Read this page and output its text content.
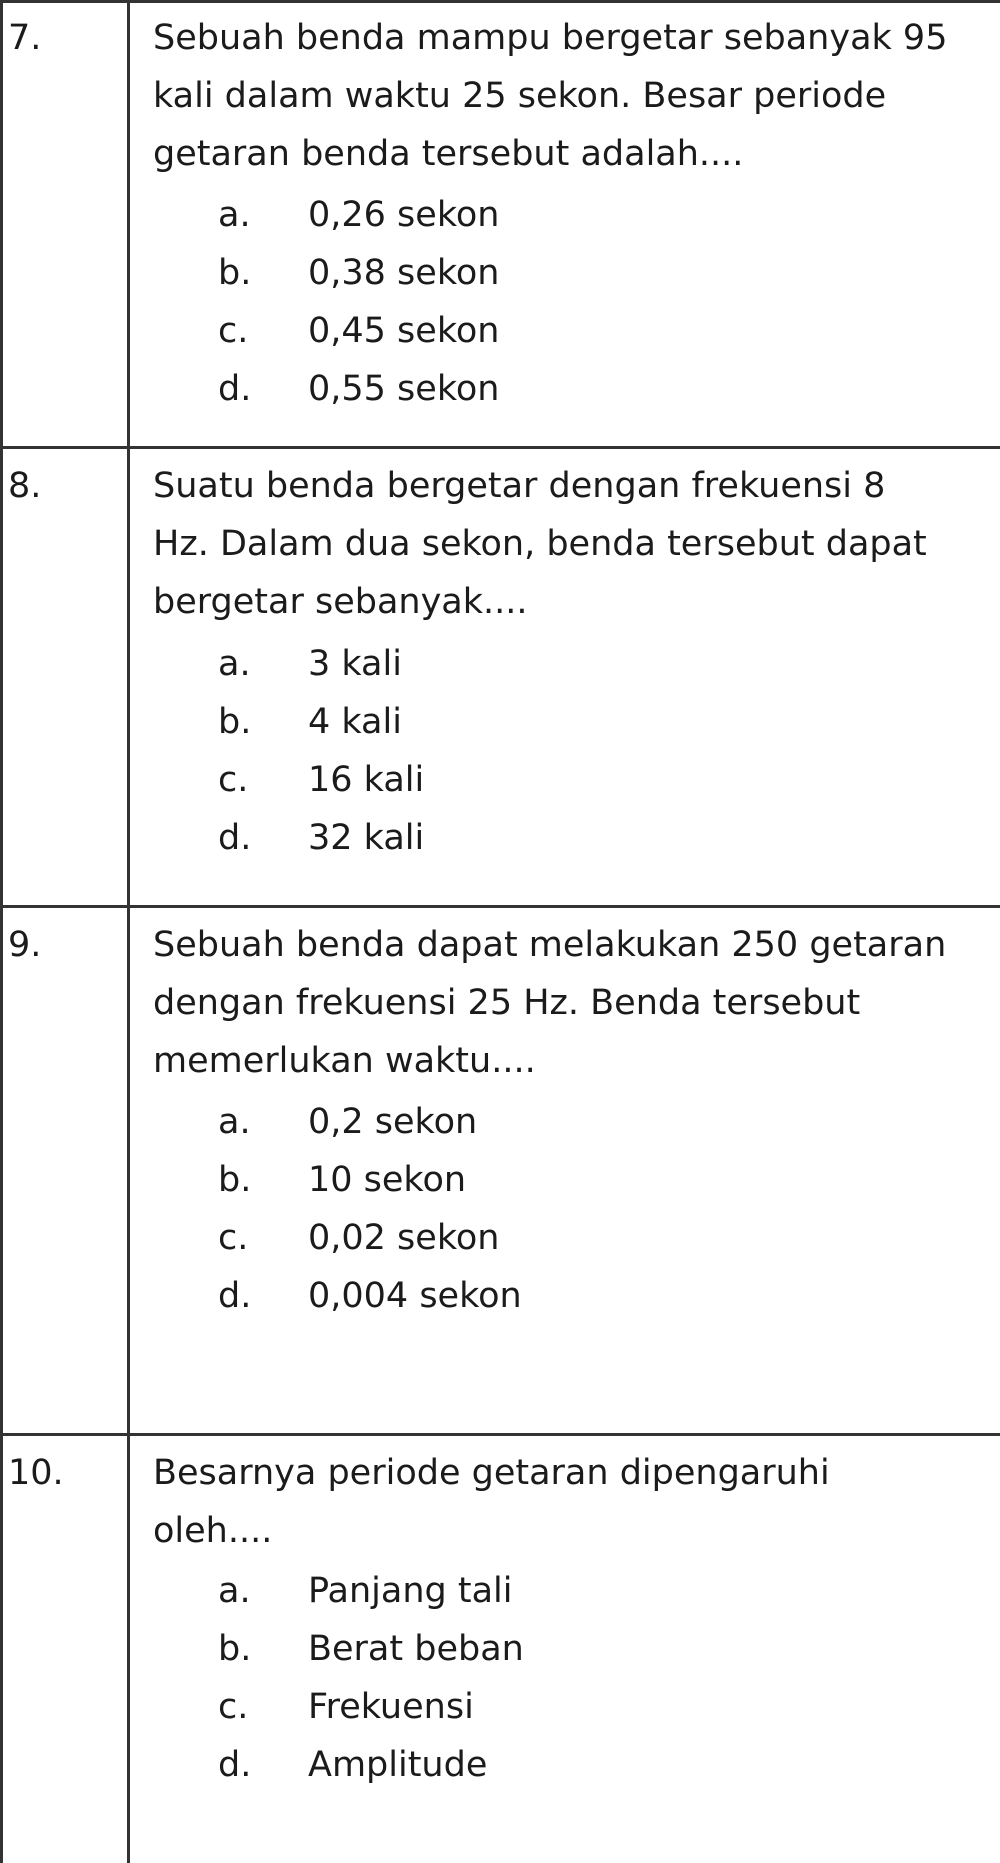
7.	Sebuah benda mampu bergetar sebanyak 95
kali dalam waktu 25 sekon. Besar periode
getaran benda tersebut adalah....
a. 0,26 sekon
b. 0,38 sekon
c. 0,45 sekon
d. 0,55 sekon
8.	Suatu benda bergetar dengan frekuensi 8
Hz. Dalam dua sekon, benda tersebut dapat
bergetar sebanyak....
a. 3 kali
b. 4 kali
c. 16 kali
d. 32 kali
9.	Sebuah benda dapat melakukan 250 getaran
dengan frekuensi 25 Hz. Benda tersebut
memerlukan waktu....
a. 0,2 sekon
b. 10 sekon
c. 0,02 sekon
d. 0,004 sekon
10.	Besarnya periode getaran dipengaruhi
oleh....
a. Panjang tali
b. Berat beban
c. Frekuensi
d. Amplitude
